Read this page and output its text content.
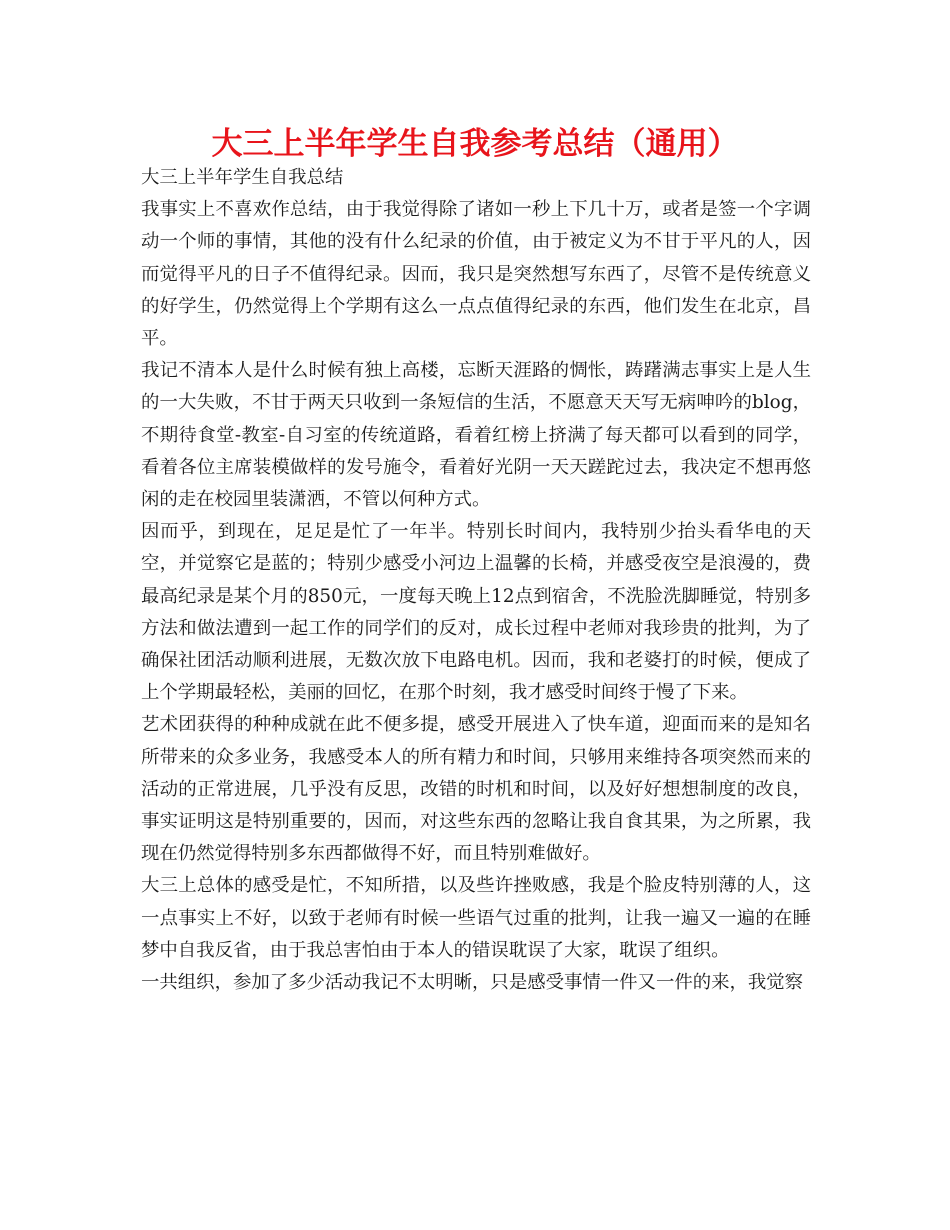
大三上半年学生自我参考总结（通用）

大三上半年学生自我总结

我事实上不喜欢作总结，由于我觉得除了诸如一秒上下几十万，或者是签一个字调动一个师的事情，其他的没有什么纪录的价值，由于被定义为不甘于平凡的人，因而觉得平凡的日子不值得纪录。因而，我只是突然想写东西了，尽管不是传统意义的好学生，仍然觉得上个学期有这么一点点值得纪录的东西，他们发生在北京，昌平。

我记不清本人是什么时候有独上高楼，忘断天涯路的惆怅，踌躇满志事实上是人生的一大失败，不甘于两天只收到一条短信的生活，不愿意天天写无病呻吟的blog，不期待食堂-教室-自习室的传统道路，看着红榜上挤满了每天都可以看到的同学，看着各位主席装模做样的发号施令，看着好光阴一天天蹉跎过去，我决定不想再悠闲的走在校园里装潇洒，不管以何种方式。

因而乎，到现在，足足是忙了一年半。特别长时间内，我特别少抬头看华电的天空，并觉察它是蓝的；特别少感受小河边上温馨的长椅，并感受夜空是浪漫的，费最高纪录是某个月的850元，一度每天晚上12点到宿舍，不洗脸洗脚睡觉，特别多方法和做法遭到一起工作的同学们的反对，成长过程中老师对我珍贵的批判，为了确保社团活动顺利进展，无数次放下电路电机。因而，我和老婆打的时候，便成了上个学期最轻松，美丽的回忆，在那个时刻，我才感受时间终于慢了下来。

艺术团获得的种种成就在此不便多提，感受开展进入了快车道，迎面而来的是知名所带来的众多业务，我感受本人的所有精力和时间，只够用来维持各项突然而来的活动的正常进展，几乎没有反思，改错的时机和时间，以及好好想想制度的改良，事实证明这是特别重要的，因而，对这些东西的忽略让我自食其果，为之所累，我现在仍然觉得特别多东西都做得不好，而且特别难做好。

大三上总体的感受是忙，不知所措，以及些许挫败感，我是个脸皮特别薄的人，这一点事实上不好，以致于老师有时候一些语气过重的批判，让我一遍又一遍的在睡梦中自我反省，由于我总害怕由于本人的错误耽误了大家，耽误了组织。

一共组织，参加了多少活动我记不太明晰，只是感受事情一件又一件的来，我觉察
